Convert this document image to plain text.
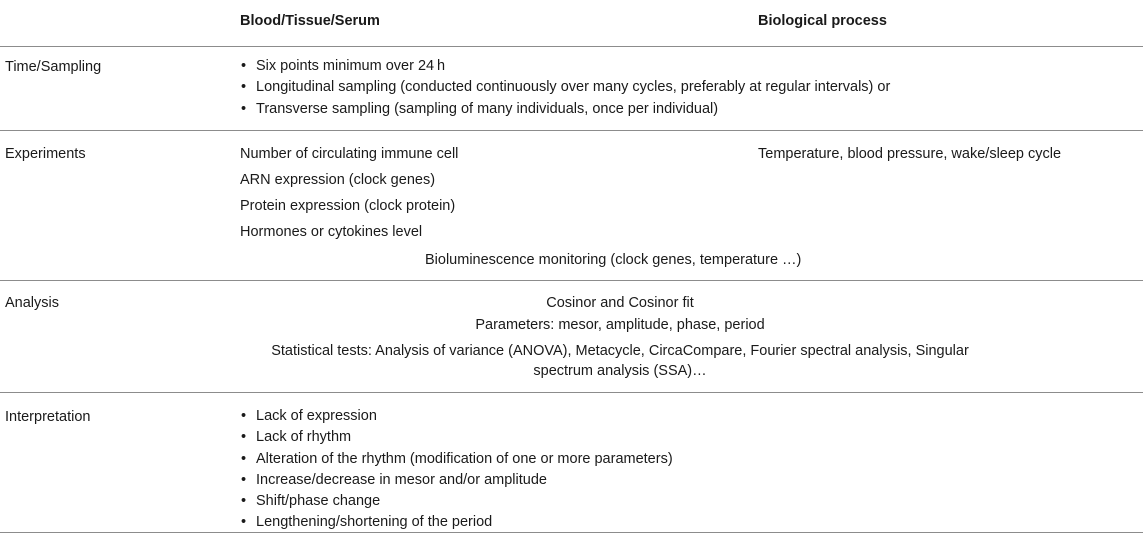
Blood/Tissue/Serum	Biological process
Time/Sampling	• Six points minimum over 24 h
• Longitudinal sampling (conducted continuously over many cycles, preferably at regular intervals) or
• Transverse sampling (sampling of many individuals, once per individual)
Experiments	Number of circulating immune cell	Temperature, blood pressure, wake/sleep cycle
ARN expression (clock genes)
Protein expression (clock protein)
Hormones or cytokines level
Bioluminescence monitoring (clock genes, temperature …)
Analysis	Cosinor and Cosinor fit
Parameters: mesor, amplitude, phase, period
Statistical tests: Analysis of variance (ANOVA), Metacycle, CircaCompare, Fourier spectral analysis, Singular
spectrum analysis (SSA)…
Interpretation	• Lack of expression
• Lack of rhythm
• Alteration of the rhythm (modification of one or more parameters)
• Increase/decrease in mesor and/or amplitude
• Shift/phase change
• Lengthening/shortening of the period
